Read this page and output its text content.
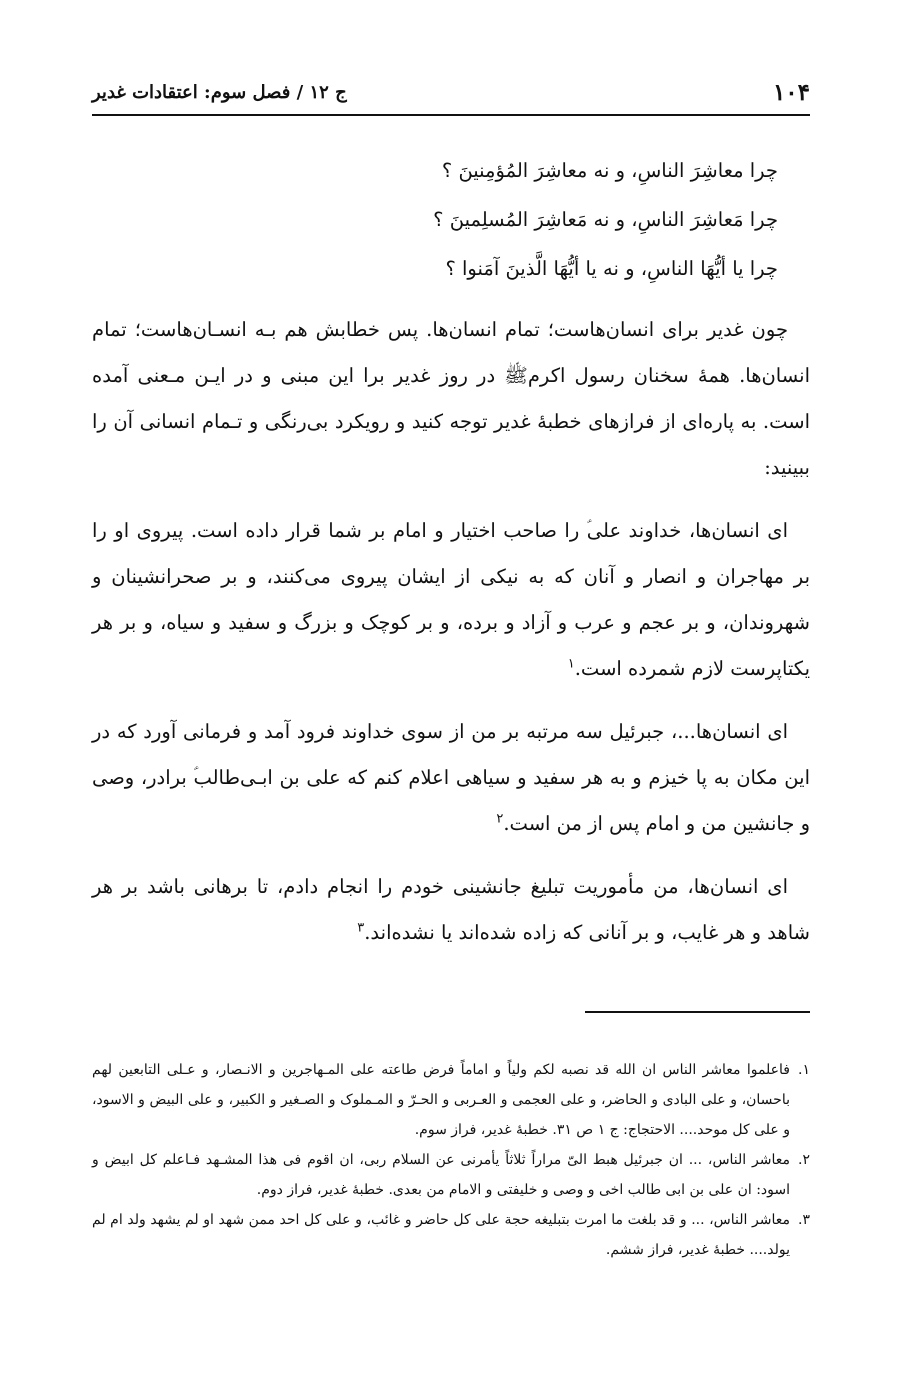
۱۰۴
ج ۱۲ / فصل سوم: اعتقادات غدیر
چرا معاشِرَ الناسِ، و نه معاشِرَ المُؤمِنینَ ؟
چرا مَعاشِرَ الناسِ، و نه مَعاشِرَ المُسلِمینَ ؟
چرا یا أیُّهَا الناسِ، و نه یا أیُّهَا الَّذینَ آمَنوا ؟

چون غدیر برای انسان‌هاست؛ تمام انسان‌ها. پس خطابش هم بـه انسـان‌هاست؛ تمام انسان‌ها. همهٔ سخنان رسول اکرم‌ﷺ در روز غدیر برا این مبنی و در ایـن مـعنی آمده است. به پاره‌ای از فرازهای خطبهٔ غدیر توجه کنید و رویکرد بی‌رنگی و تـمام انسانی آن را ببینید:

ای انسان‌ها، خداوند علی‌ؑ را صاحب اختیار و امام بر شما قرار داده است. پیروی او را بر مهاجران و انصار و آنان که به نیکی از ایشان پیروی می‌کنند، و بر صحرانشینان و شهروندان، و بر عجم و عرب و آزاد و برده، و بر کوچک و بزرگ و سفید و سیاه، و بر هر یکتاپرست لازم شمرده است.$^۱$

ای انسان‌ها...، جبرئیل سه مرتبه بر من از سوی خداوند فرود آمد و فرمانی آورد که در این مکان به پا خیزم و به هر سفید و سیاهی اعلام کنم که علی بن ابـی‌طالب‌ؑ برادر، وصی و جانشین من و امام پس از من است.$^۲$

ای انسان‌ها، من مأموریت تبلیغ جانشینی خودم را انجام دادم، تا برهانی باشد بر هر شاهد و هر غایب، و بر آنانی که زاده شده‌اند یا نشده‌اند.$^۳$

۱.فاعلموا معاشر الناس ان الله قد نصبه لکم ولیاً و اماماً فرض طاعته علی المـهاجرین و الانـصار، و عـلی التابعین لهم باحسان، و علی البادی و الحاضر، و علی العجمی و العـربی و الحـرّ و المـملوک و الصـغیر و الکبیر، و علی البیض و الاسود، و علی کل موحد.... الاحتجاج: ج ۱ ص ۳۱. خطبهٔ غدیر، فراز سوم.

۲.معاشر الناس، ... ان جبرئیل هبط الیّ مراراً ثلاثاً یأمرنی عن السلام ربی، ان اقوم فی هذا المشـهد فـاعلم کل ابیض و اسود: ان علی بن ابی طالب اخی و وصی و خلیفتی و الامام من بعدی. خطبهٔ غدیر، فراز دوم.

۳.معاشر الناس، ... و قد بلغت ما امرت بتبلیغه حجة علی کل حاضر و غائب، و علی کل احد ممن شهد او لم یشهد ولد ام لم یولد.... خطبهٔ غدیر، فراز ششم.
